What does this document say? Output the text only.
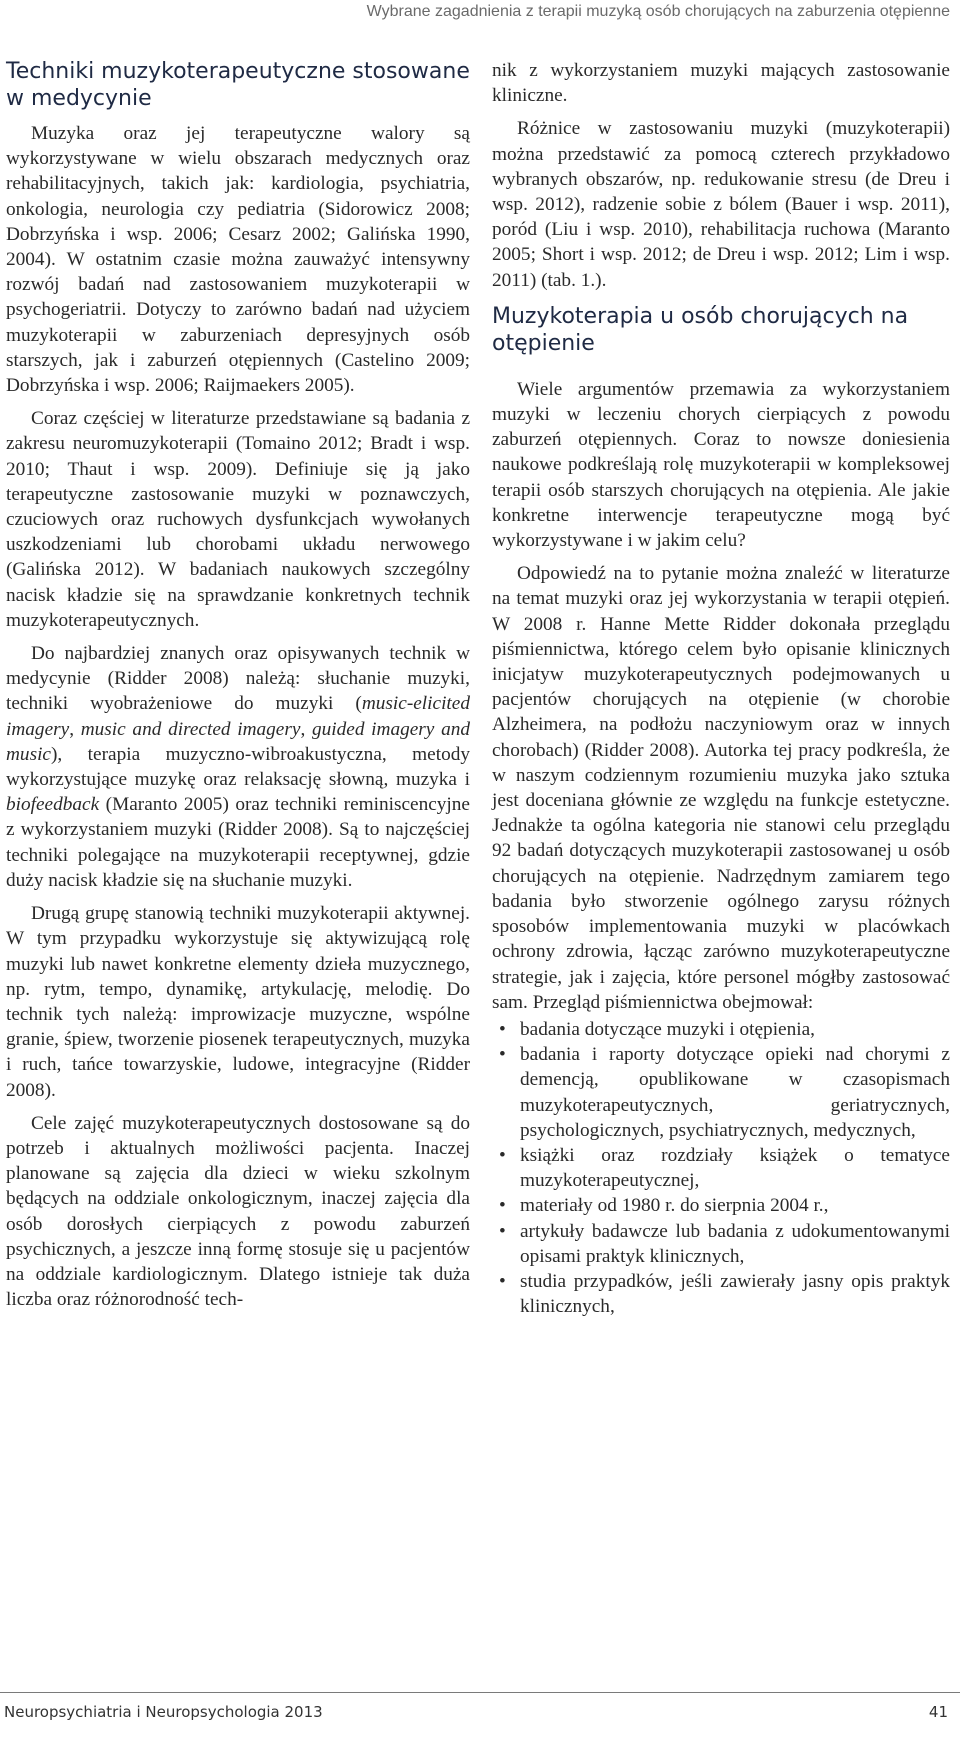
Wybrane zagadnienia z terapii muzyką osób chorujących na zaburzenia otępienne
Techniki muzykoterapeutyczne stosowane w medycynie

Muzyka oraz jej terapeutyczne walory są wykorzystywane w wielu obszarach medycznych oraz rehabilitacyjnych, takich jak: kardiologia, psychiatria, onkologia, neurologia czy pediatria (Sidorowicz 2008; Dobrzyńska i wsp. 2006; Cesarz 2002; Galińska 1990, 2004). W ostatnim czasie można zauważyć intensywny rozwój badań nad zastosowaniem muzykoterapii w psychogeriatrii. Dotyczy to zarówno badań nad użyciem muzykoterapii w zaburzeniach depresyjnych osób starszych, jak i zaburzeń otępiennych (Castelino 2009; Dobrzyńska i wsp. 2006; Raijmaekers 2005).

Coraz częściej w literaturze przedstawiane są badania z zakresu neuromuzykoterapii (Tomaino 2012; Bradt i wsp. 2010; Thaut i wsp. 2009). Definiuje się ją jako terapeutyczne zastosowanie muzyki w poznawczych, czuciowych oraz ruchowych dysfunkcjach wywołanych uszkodzeniami lub chorobami układu nerwowego (Galińska 2012). W badaniach naukowych szczególny nacisk kładzie się na sprawdzanie konkretnych technik muzykoterapeutycznych.

Do najbardziej znanych oraz opisywanych technik w medycynie (Ridder 2008) należą: słuchanie muzyki, techniki wyobrażeniowe do muzyki (music-elicited imagery, music and directed imagery, guided imagery and music), terapia muzyczno-wibroakustyczna, metody wykorzystujące muzykę oraz relaksację słowną, muzyka i biofeedback (Maranto 2005) oraz techniki reminiscencyjne z wykorzystaniem muzyki (Ridder 2008). Są to najczęściej techniki polegające na muzykoterapii receptywnej, gdzie duży nacisk kładzie się na słuchanie muzyki.

Drugą grupę stanowią techniki muzykoterapii aktywnej. W tym przypadku wykorzystuje się aktywizującą rolę muzyki lub nawet konkretne elementy dzieła muzycznego, np. rytm, tempo, dynamikę, artykulację, melodię. Do technik tych należą: improwizacje muzyczne, wspólne granie, śpiew, tworzenie piosenek terapeutycznych, muzyka i ruch, tańce towarzyskie, ludowe, integracyjne (Ridder 2008).

Cele zajęć muzykoterapeutycznych dostosowane są do potrzeb i aktualnych możliwości pacjenta. Inaczej planowane są zajęcia dla dzieci w wieku szkolnym będących na oddziale onkologicznym, inaczej zajęcia dla osób dorosłych cierpiących z powodu zaburzeń psychicznych, a jeszcze inną formę stosuje się u pacjentów na oddziale kardiologicznym. Dlatego istnieje tak duża liczba oraz różnorodność tech-

nik z wykorzystaniem muzyki mających zastosowanie kliniczne.

Różnice w zastosowaniu muzyki (muzykoterapii) można przedstawić za pomocą czterech przykładowo wybranych obszarów, np. redukowanie stresu (de Dreu i wsp. 2012), radzenie sobie z bólem (Bauer i wsp. 2011), poród (Liu i wsp. 2010), rehabilitacja ruchowa (Maranto 2005; Short i wsp. 2012; de Dreu i wsp. 2012; Lim i wsp. 2011) (tab. 1.).

Muzykoterapia u osób chorujących na otępienie

Wiele argumentów przemawia za wykorzystaniem muzyki w leczeniu chorych cierpiących z powodu zaburzeń otępiennych. Coraz to nowsze doniesienia naukowe podkreślają rolę muzykoterapii w kompleksowej terapii osób starszych chorujących na otępienia. Ale jakie konkretne interwencje terapeutyczne mogą być wykorzystywane i w jakim celu?

Odpowiedź na to pytanie można znaleźć w literaturze na temat muzyki oraz jej wykorzystania w terapii otępień. W 2008 r. Hanne Mette Ridder dokonała przeglądu piśmiennictwa, którego celem było opisanie klinicznych inicjatyw muzykoterapeutycznych podejmowanych u pacjentów chorujących na otępienie (w chorobie Alzheimera, na podłożu naczyniowym oraz w innych chorobach) (Ridder 2008). Autorka tej pracy podkreśla, że w naszym codziennym rozumieniu muzyka jako sztuka jest doceniana głównie ze względu na funkcje estetyczne. Jednakże ta ogólna kategoria nie stanowi celu przeglądu 92 badań dotyczących muzykoterapii zastosowanej u osób chorujących na otępienie. Nadrzędnym zamiarem tego badania było stworzenie ogólnego zarysu różnych sposobów implementowania muzyki w placówkach ochrony zdrowia, łącząc zarówno muzykoterapeutyczne strategie, jak i zajęcia, które personel mógłby zastosować sam. Przegląd piśmiennictwa obejmował:

• badania dotyczące muzyki i otępienia,
• badania i raporty dotyczące opieki nad chorymi z demencją, opublikowane w czasopismach muzykoterapeutycznych, geriatrycznych, psychologicznych, psychiatrycznych, medycznych,
• książki oraz rozdziały książek o tematyce muzykoterapeutycznej,
• materiały od 1980 r. do sierpnia 2004 r.,
• artykuły badawcze lub badania z udokumentowanymi opisami praktyk klinicznych,
• studia przypadków, jeśli zawierały jasny opis praktyk klinicznych,
Neuropsychiatria i Neuropsychologia 2013	41
